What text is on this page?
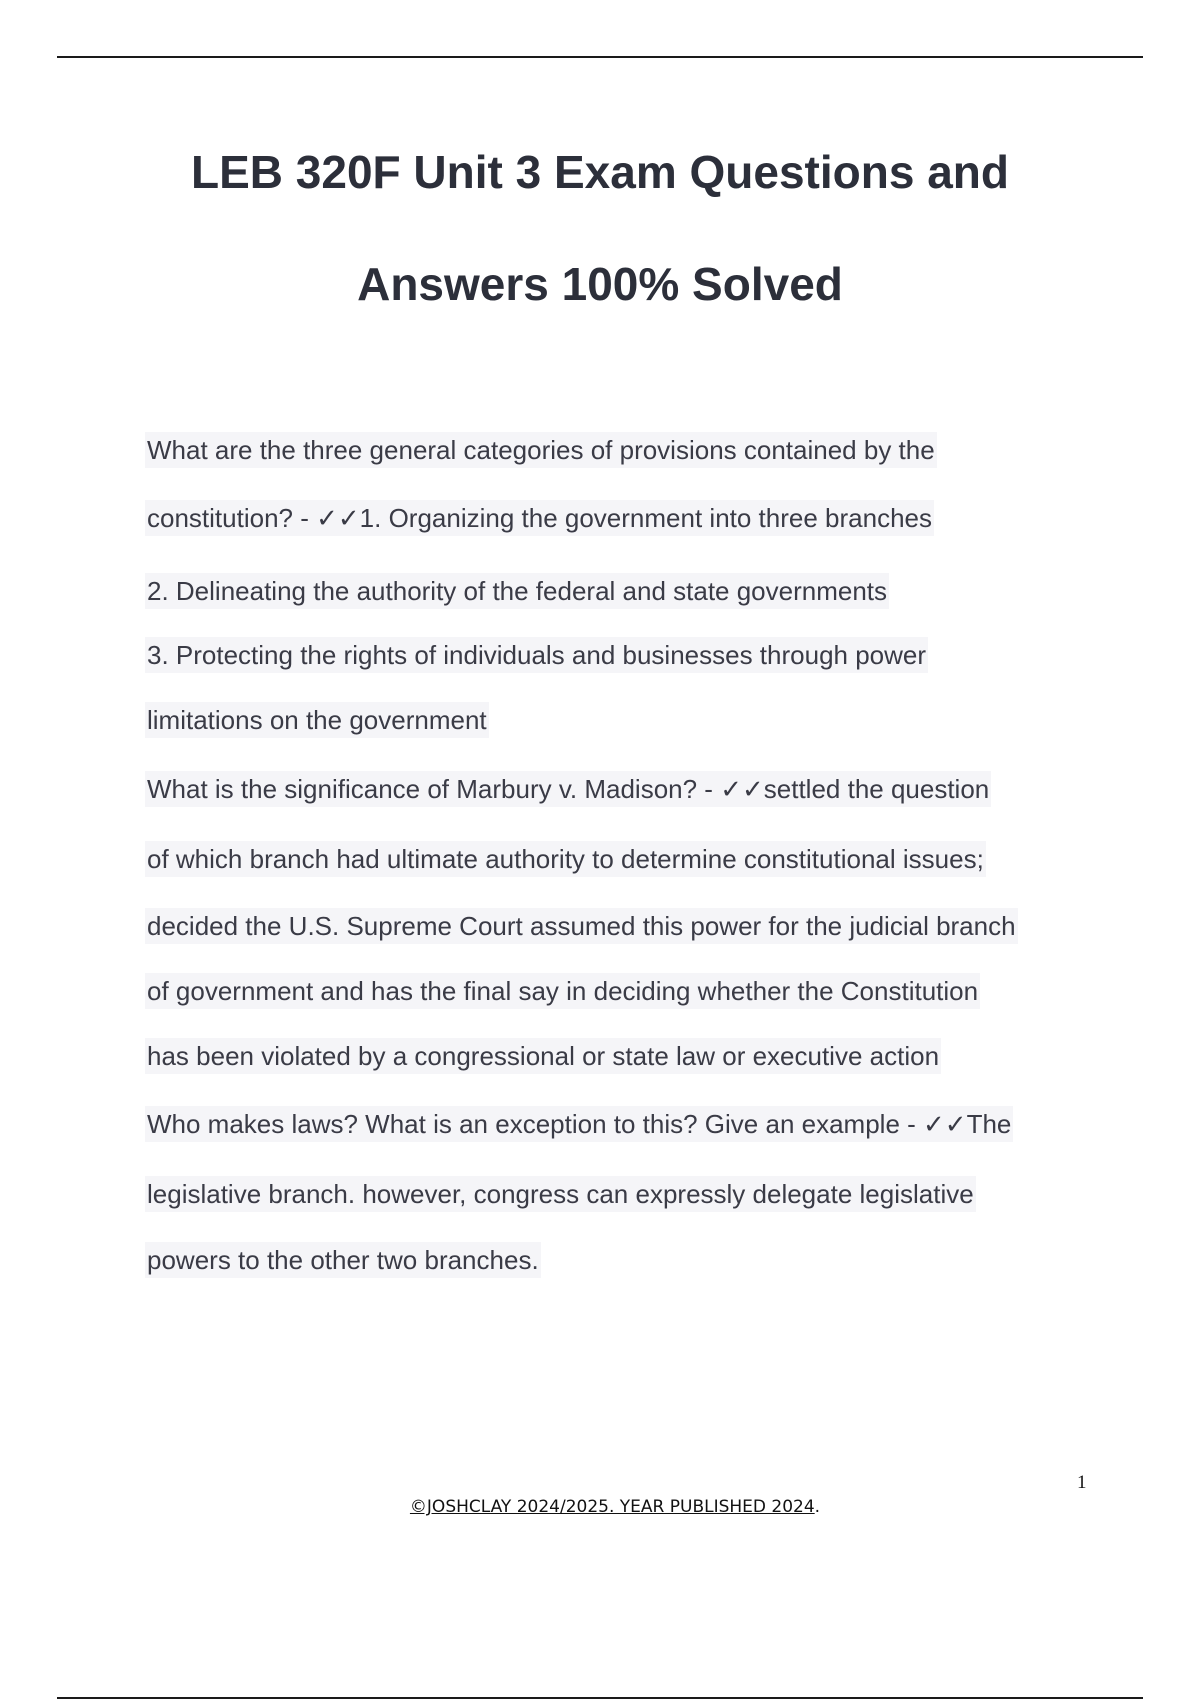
LEB 320F Unit 3 Exam Questions and
Answers 100% Solved
What are the three general categories of provisions contained by the
constitution? - ✓✓1. Organizing the government into three branches
2. Delineating the authority of the federal and state governments
3. Protecting the rights of individuals and businesses through power
limitations on the government
What is the significance of Marbury v. Madison? - ✓✓settled the question
of which branch had ultimate authority to determine constitutional issues;
decided the U.S. Supreme Court assumed this power for the judicial branch
of government and has the final say in deciding whether the Constitution
has been violated by a congressional or state law or executive action
Who makes laws? What is an exception to this? Give an example - ✓✓The
legislative branch. however, congress can expressly delegate legislative
powers to the other two branches.
1
©JOSHCLAY 2024/2025. YEAR PUBLISHED 2024.
